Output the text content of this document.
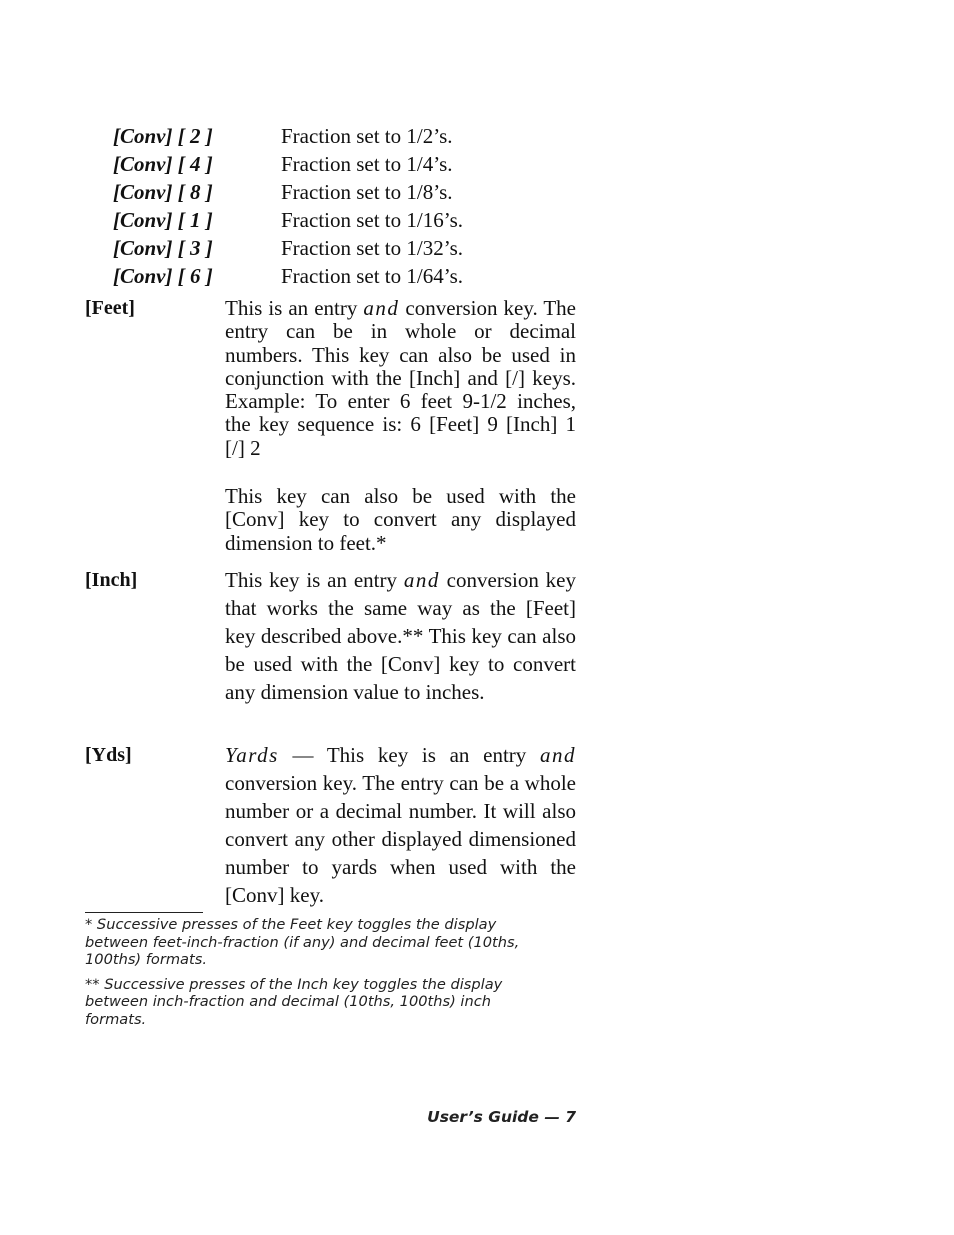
[Conv] [ 2 ]	Fraction set to 1/2’s.
[Conv] [ 4 ]	Fraction set to 1/4’s.
[Conv] [ 8 ]	Fraction set to 1/8’s.
[Conv] [ 1 ]	Fraction set to 1/16’s.
[Conv] [ 3 ]	Fraction set to 1/32’s.
[Conv] [ 6 ]	Fraction set to 1/64’s.
[Feet]	This is an entry and conversion key. The entry can be in whole or decimal numbers. This key can also be used in conjunction with the [Inch] and [/] keys. Example: To enter 6 feet 9-1/2 inches, the key sequence is: 6 [Feet] 9 [Inch] 1 [/] 2

This key can also be used with the [Conv] key to convert any displayed dimension to feet.*

[Inch]	This key is an entry and conversion key that works the same way as the [Feet] key described above.** This key can also be used with the [Conv] key to convert any dimension value to inches.

[Yds]	Yards — This key is an entry and conversion key. The entry can be a whole number or a decimal number. It will also convert any other displayed dimensioned number to yards when used with the [Conv] key.

* Successive presses of the Feet key toggles the display between feet-inch-fraction (if any) and decimal feet (10ths, 100ths) formats.

** Successive presses of the Inch key toggles the display between inch-fraction and decimal (10ths, 100ths) inch formats.

User’s Guide — 7
